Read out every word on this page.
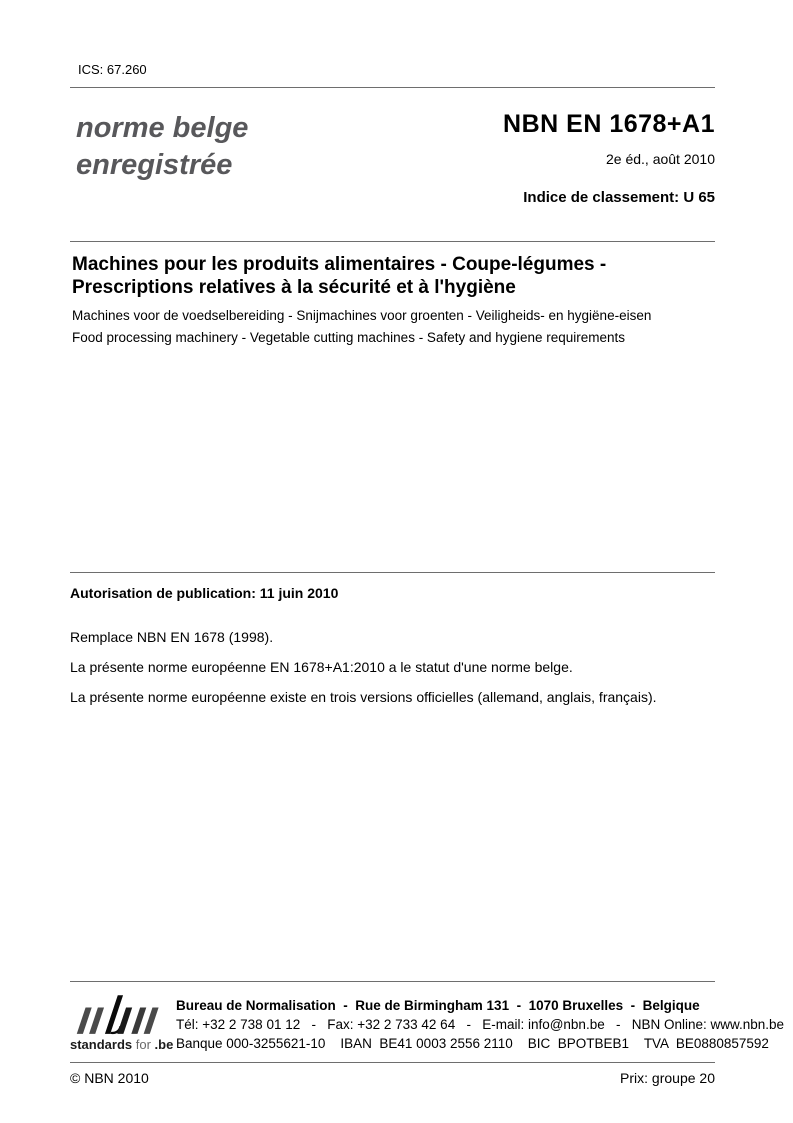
ICS: 67.260
norme belge
enregistrée
NBN EN 1678+A1
2e éd., août 2010
Indice de classement: U 65
Machines pour les produits alimentaires - Coupe-légumes -
Prescriptions relatives à la sécurité et à l'hygiène
Machines voor de voedselbereiding - Snijmachines voor groenten - Veiligheids- en hygiëne-eisen
Food processing machinery - Vegetable cutting machines - Safety and hygiene requirements
Autorisation de publication: 11 juin 2010
Remplace NBN EN 1678 (1998).
La présente norme européenne EN 1678+A1:2010 a le statut d'une norme belge.
La présente norme européenne existe en trois versions officielles (allemand, anglais, français).
standards for .be
Bureau de Normalisation  -  Rue de Birmingham 131  -  1070 Bruxelles  -  Belgique
Tél: +32 2 738 01 12   -   Fax: +32 2 733 42 64   -   E-mail: info@nbn.be   -   NBN Online: www.nbn.be
Banque 000-3255621-10    IBAN  BE41 0003 2556 2110    BIC  BPOTBEB1    TVA  BE0880857592
© NBN 2010	Prix: groupe 20
